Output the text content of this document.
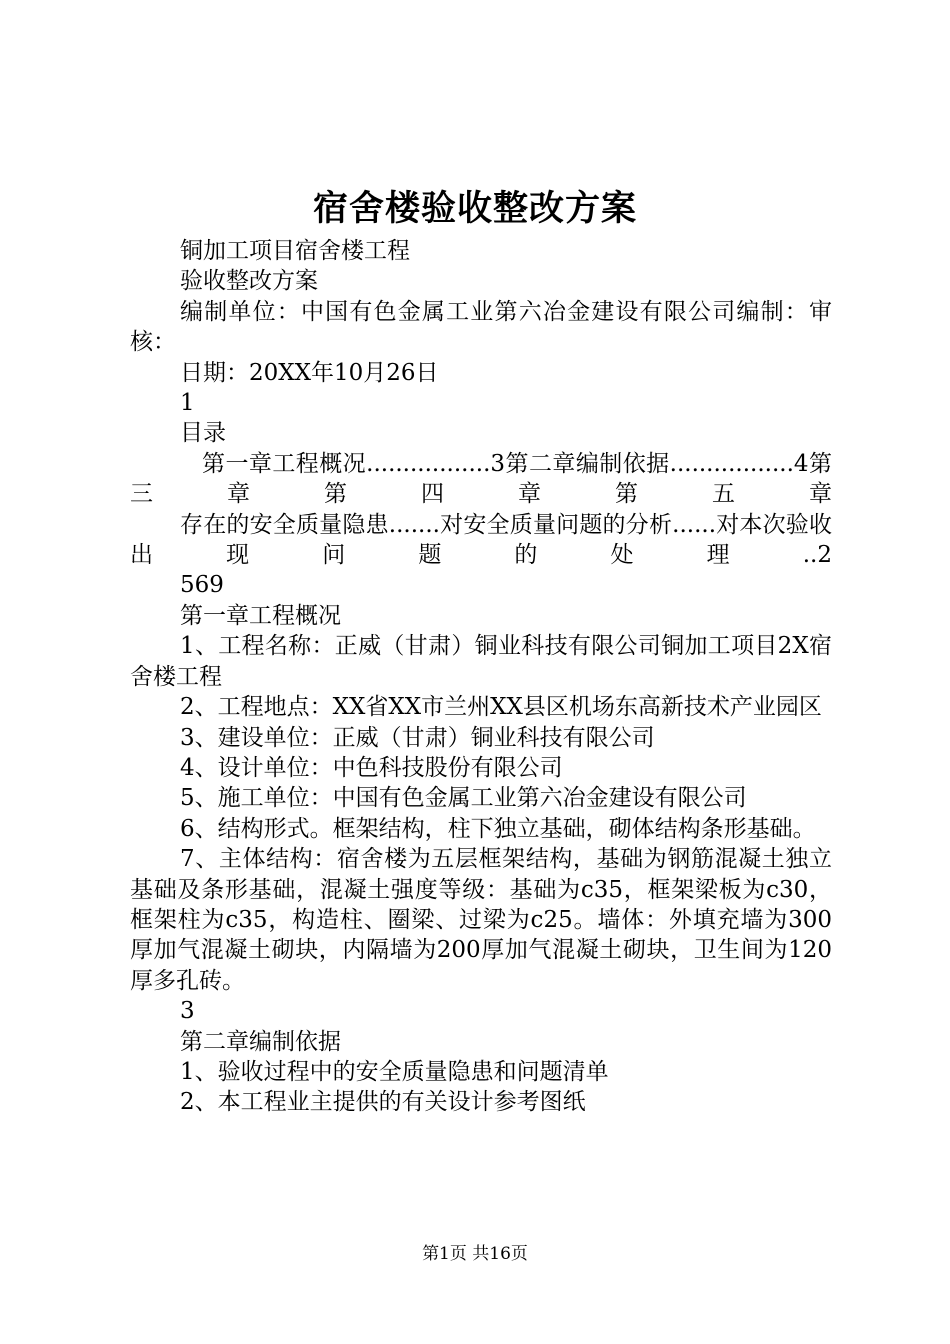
宿舍楼验收整改方案

铜加工项目宿舍楼工程

验收整改方案

编制单位：中国有色金属工业第六冶金建设有限公司编制：审核：

日期：20XX年10月26日

1

目录

第一章工程概况.................3第二章编制依据.................4第三章第四章第五章

存在的安全质量隐患.......对安全质量问题的分析......对本次验收出现问题的处理..2

569

第一章工程概况

1、工程名称：正威（甘肃）铜业科技有限公司铜加工项目2X宿舍楼工程

2、工程地点：XX省XX市兰州XX县区机场东高新技术产业园区

3、建设单位：正威（甘肃）铜业科技有限公司

4、设计单位：中色科技股份有限公司

5、施工单位：中国有色金属工业第六冶金建设有限公司

6、结构形式。框架结构，柱下独立基础，砌体结构条形基础。

7、主体结构：宿舍楼为五层框架结构，基础为钢筋混凝土独立基础及条形基础，混凝土强度等级：基础为c35，框架梁板为c30，框架柱为c35，构造柱、圈梁、过梁为c25。墙体：外填充墙为300厚加气混凝土砌块，内隔墙为200厚加气混凝土砌块，卫生间为120厚多孔砖。

3

第二章编制依据

1、验收过程中的安全质量隐患和问题清单

2、本工程业主提供的有关设计参考图纸

第1页 共16页
